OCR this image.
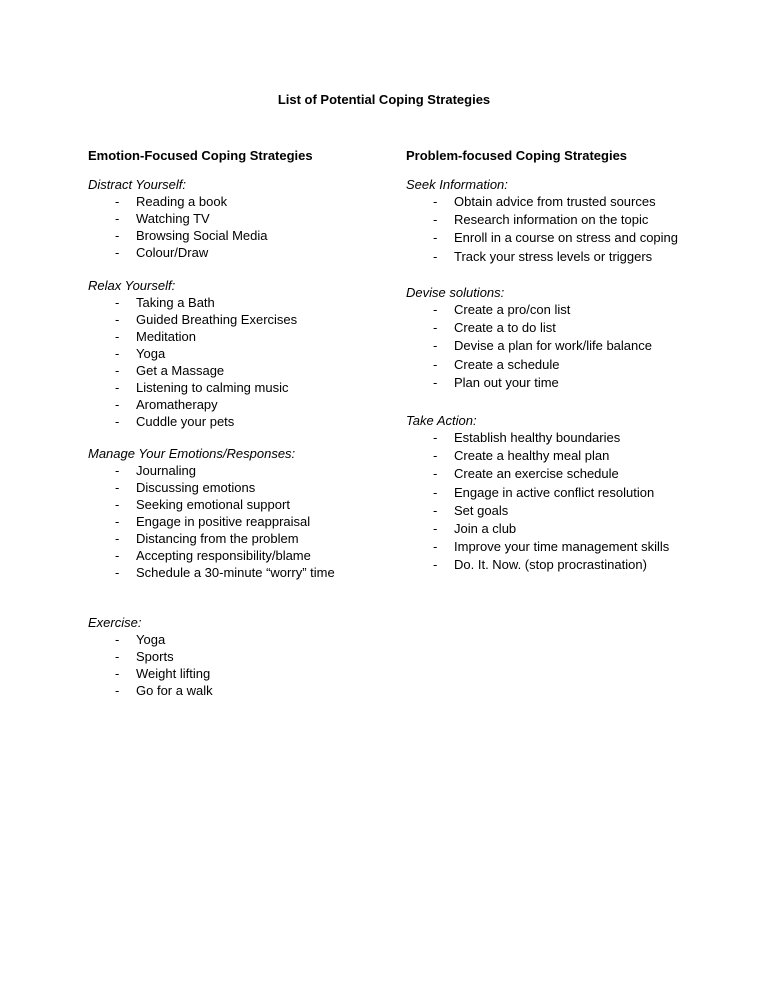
List of Potential Coping Strategies
Emotion-Focused Coping Strategies	Problem-focused Coping Strategies
Distract Yourself:
- Reading a book
- Watching TV
- Browsing Social Media
- Colour/Draw
Relax Yourself:
- Taking a Bath
- Guided Breathing Exercises
- Meditation
- Yoga
- Get a Massage
- Listening to calming music
- Aromatherapy
- Cuddle your pets
Manage Your Emotions/Responses:
- Journaling
- Discussing emotions
- Seeking emotional support
- Engage in positive reappraisal
- Distancing from the problem
- Accepting responsibility/blame
- Schedule a 30-minute “worry” time
Exercise:
- Yoga
- Sports
- Weight lifting
- Go for a walk
Seek Information:
- Obtain advice from trusted sources
- Research information on the topic
- Enroll in a course on stress and coping
- Track your stress levels or triggers
Devise solutions:
- Create a pro/con list
- Create a to do list
- Devise a plan for work/life balance
- Create a schedule
- Plan out your time
Take Action:
- Establish healthy boundaries
- Create a healthy meal plan
- Create an exercise schedule
- Engage in active conflict resolution
- Set goals
- Join a club
- Improve your time management skills
- Do. It. Now. (stop procrastination)
